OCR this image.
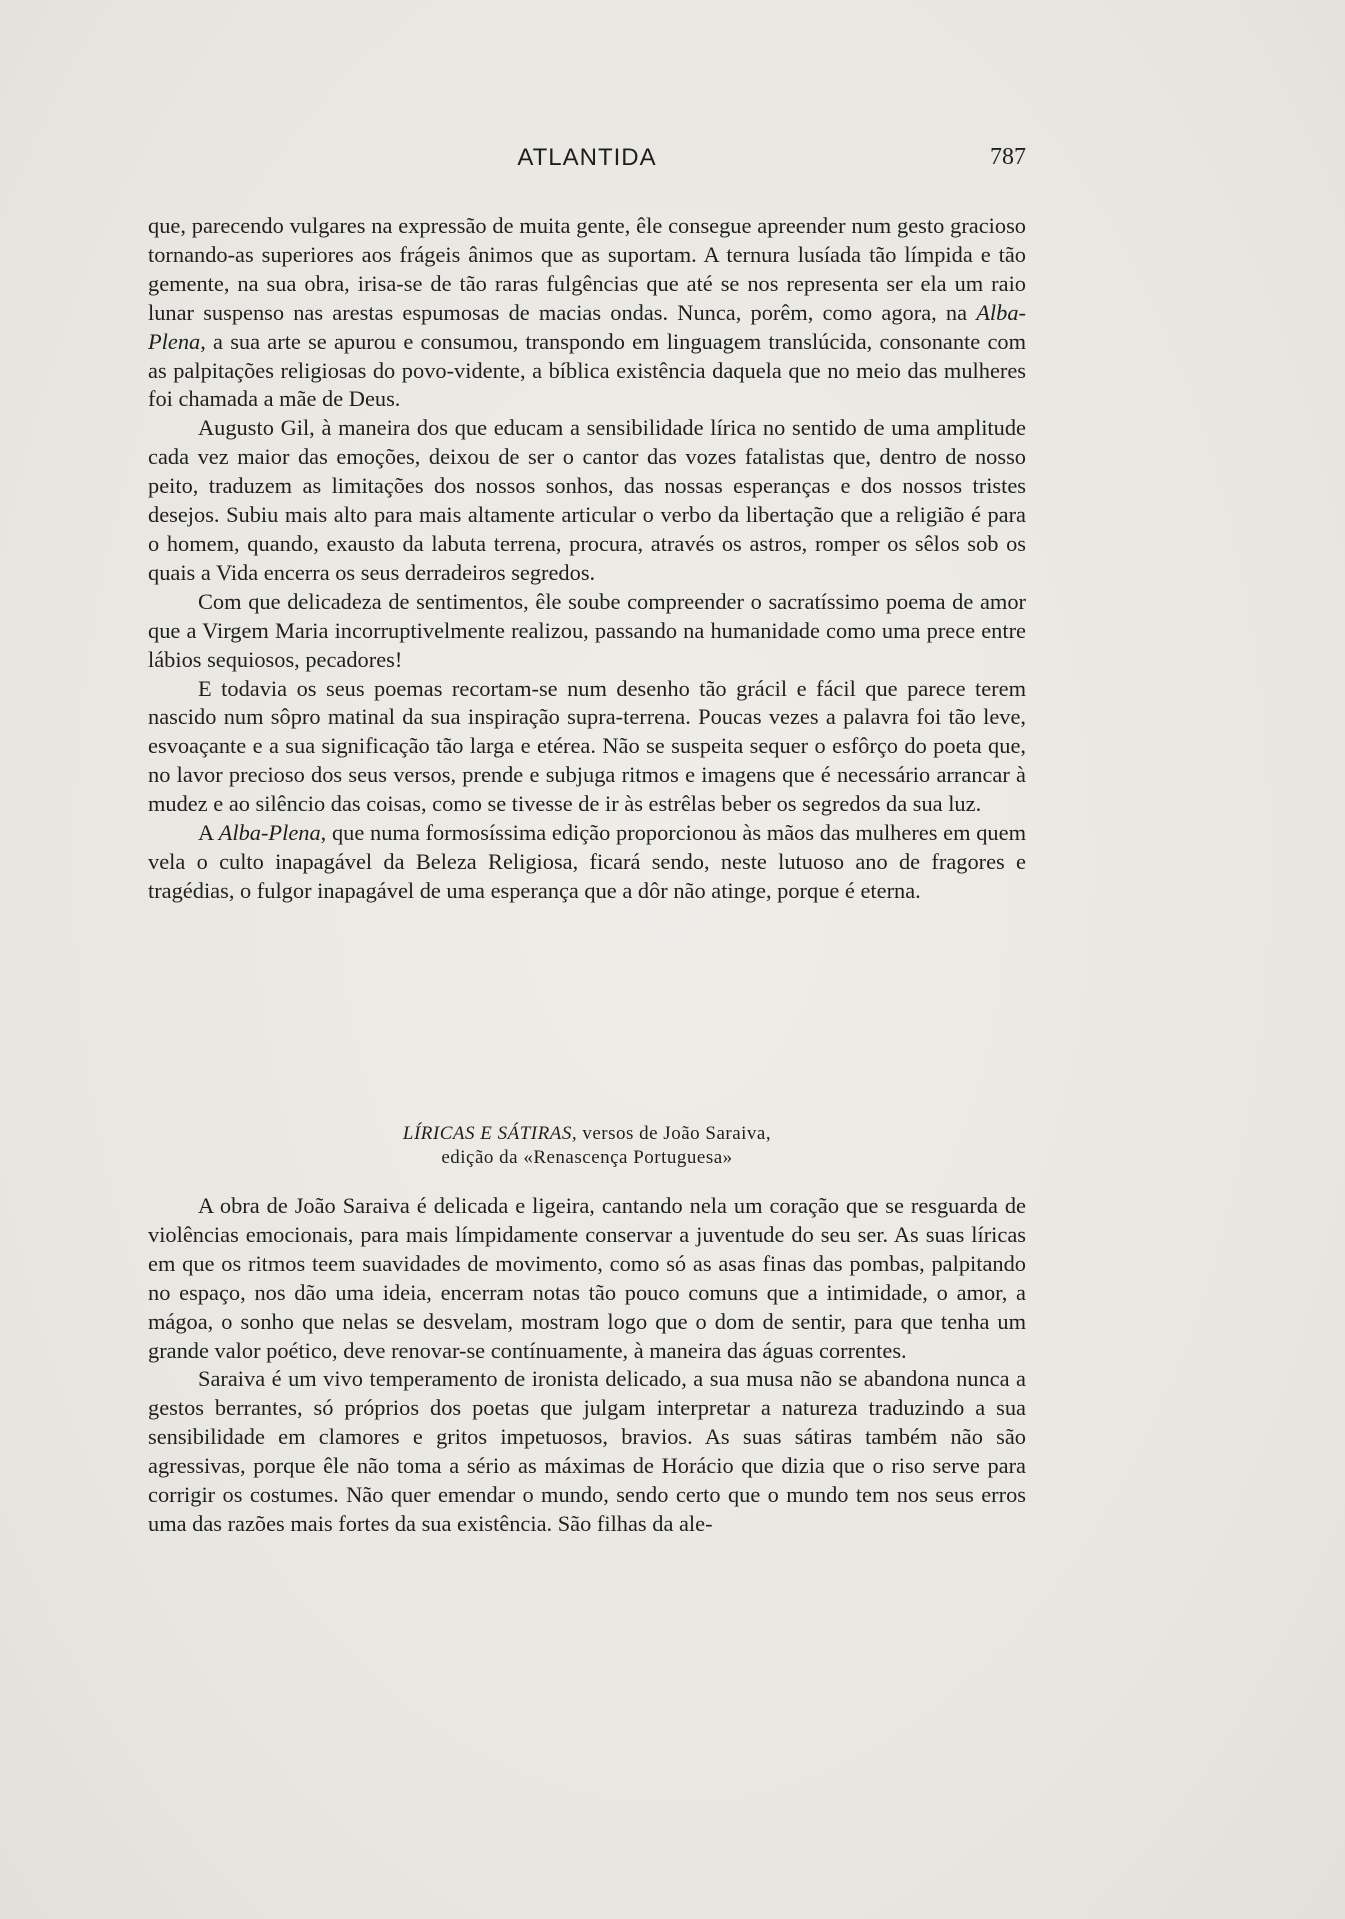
ATLANTIDA	787

que, parecendo vulgares na expressão de muita gente, êle consegue apreender num gesto gracioso tornando-as superiores aos frágeis ânimos que as suportam. A ternura lusíada tão límpida e tão gemente, na sua obra, irisa-se de tão raras fulgências que até se nos representa ser ela um raio lunar suspenso nas arestas espumosas de macias ondas. Nunca, porêm, como agora, na Alba-Plena, a sua arte se apurou e consumou, transpondo em linguagem translúcida, consonante com as palpitações religiosas do povo-vidente, a bíblica existência daquela que no meio das mulheres foi chamada a mãe de Deus.

Augusto Gil, à maneira dos que educam a sensibilidade lírica no sentido de uma amplitude cada vez maior das emoções, deixou de ser o cantor das vozes fatalistas que, dentro de nosso peito, traduzem as limitações dos nossos sonhos, das nossas esperanças e dos nossos tristes desejos. Subiu mais alto para mais altamente articular o verbo da libertação que a religião é para o homem, quando, exausto da labuta terrena, procura, através os astros, romper os sêlos sob os quais a Vida encerra os seus derradeiros segredos.

Com que delicadeza de sentimentos, êle soube compreender o sacratíssimo poema de amor que a Virgem Maria incorruptivelmente realizou, passando na humanidade como uma prece entre lábios sequiosos, pecadores!

E todavia os seus poemas recortam-se num desenho tão grácil e fácil que parece terem nascido num sôpro matinal da sua inspiração supra-terrena. Poucas vezes a palavra foi tão leve, esvoaçante e a sua significação tão larga e etérea. Não se suspeita sequer o esfôrço do poeta que, no lavor precioso dos seus versos, prende e subjuga ritmos e imagens que é necessário arrancar à mudez e ao silêncio das coisas, como se tivesse de ir às estrêlas beber os segredos da sua luz.

A Alba-Plena, que numa formosíssima edição proporcionou às mãos das mulheres em quem vela o culto inapagável da Beleza Religiosa, ficará sendo, neste lutuoso ano de fragores e tragédias, o fulgor inapagável de uma esperança que a dôr não atinge, porque é eterna.

LÍRICAS E SÁTIRAS, versos de João Saraiva,
edição da «Renascença Portuguesa»

A obra de João Saraiva é delicada e ligeira, cantando nela um coração que se resguarda de violências emocionais, para mais límpidamente conservar a juventude do seu ser. As suas líricas em que os ritmos teem suavidades de movimento, como só as asas finas das pombas, palpitando no espaço, nos dão uma ideia, encerram notas tão pouco comuns que a intimidade, o amor, a mágoa, o sonho que nelas se desvelam, mostram logo que o dom de sentir, para que tenha um grande valor poético, deve renovar-se contínuamente, à maneira das águas correntes.

Saraiva é um vivo temperamento de ironista delicado, a sua musa não se abandona nunca a gestos berrantes, só próprios dos poetas que julgam interpretar a natureza traduzindo a sua sensibilidade em clamores e gritos impetuosos, bravios. As suas sátiras também não são agressivas, porque êle não toma a sério as máximas de Horácio que dizia que o riso serve para corrigir os costumes. Não quer emendar o mundo, sendo certo que o mundo tem nos seus erros uma das razões mais fortes da sua existência. São filhas da ale-
